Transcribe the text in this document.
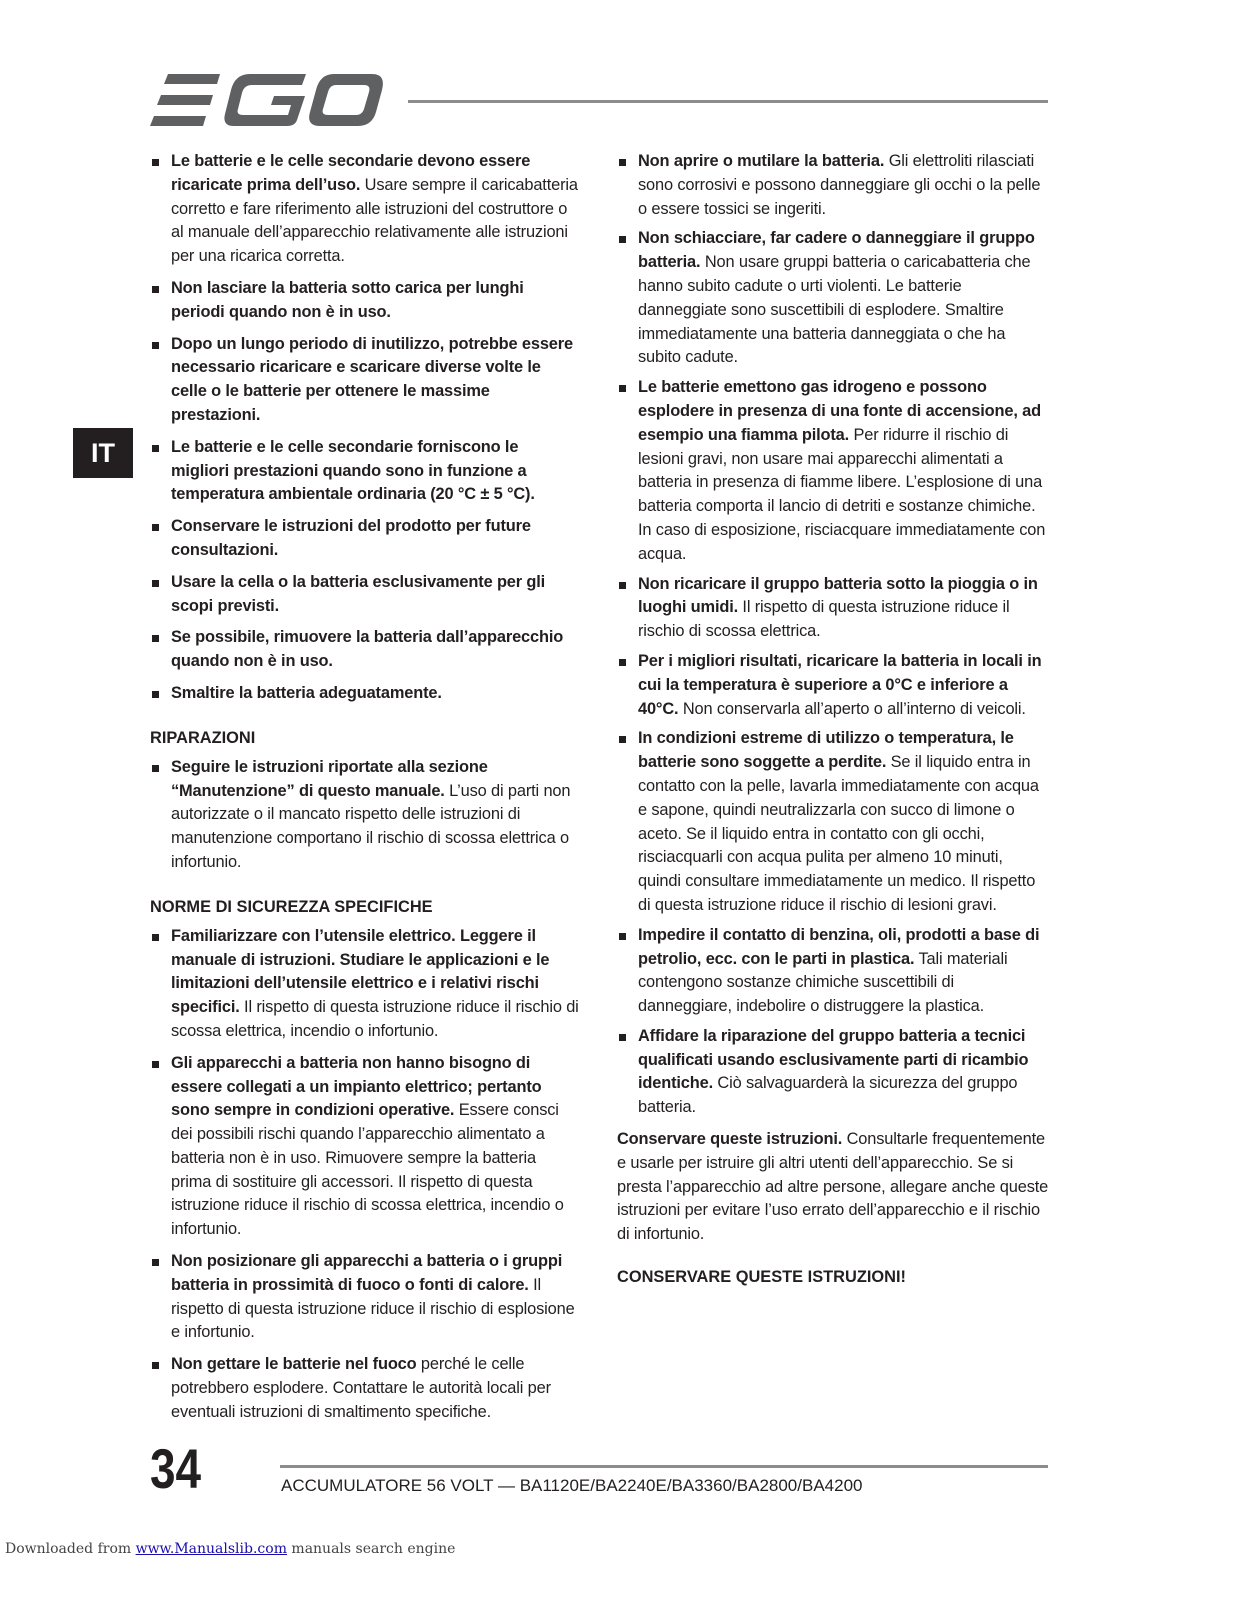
IT
Le batterie e le celle secondarie devono essere ricaricate prima dell’uso. Usare sempre il caricabatteria corretto e fare riferimento alle istruzioni del costruttore o al manuale dell’apparecchio relativamente alle istruzioni per una ricarica corretta.
Non lasciare la batteria sotto carica per lunghi periodi quando non è in uso.
Dopo un lungo periodo di inutilizzo, potrebbe essere necessario ricaricare e scaricare diverse volte le celle o le batterie per ottenere le massime prestazioni.
Le batterie e le celle secondarie forniscono le migliori prestazioni quando sono in funzione a temperatura ambientale ordinaria (20 °C ± 5 °C).
Conservare le istruzioni del prodotto per future consultazioni.
Usare la cella o la batteria esclusivamente per gli scopi previsti.
Se possibile, rimuovere la batteria dall’apparecchio quando non è in uso.
Smaltire la batteria adeguatamente.
RIPARAZIONI
Seguire le istruzioni riportate alla sezione “Manutenzione” di questo manuale. L’uso di parti non autorizzate o il mancato rispetto delle istruzioni di manutenzione comportano il rischio di scossa elettrica o infortunio.
NORME DI SICUREZZA SPECIFICHE
Familiarizzare con l’utensile elettrico. Leggere il manuale di istruzioni. Studiare le applicazioni e le limitazioni dell’utensile elettrico e i relativi rischi specifici. Il rispetto di questa istruzione riduce il rischio di scossa elettrica, incendio o infortunio.
Gli apparecchi a batteria non hanno bisogno di essere collegati a un impianto elettrico; pertanto sono sempre in condizioni operative. Essere consci dei possibili rischi quando l’apparecchio alimentato a batteria non è in uso. Rimuovere sempre la batteria prima di sostituire gli accessori. Il rispetto di questa istruzione riduce il rischio di scossa elettrica, incendio o infortunio.
Non posizionare gli apparecchi a batteria o i gruppi batteria in prossimità di fuoco o fonti di calore. Il rispetto di questa istruzione riduce il rischio di esplosione e infortunio.
Non gettare le batterie nel fuoco perché le celle potrebbero esplodere. Contattare le autorità locali per eventuali istruzioni di smaltimento specifiche.
Non aprire o mutilare la batteria. Gli elettroliti rilasciati sono corrosivi e possono danneggiare gli occhi o la pelle o essere tossici se ingeriti.
Non schiacciare, far cadere o danneggiare il gruppo batteria. Non usare gruppi batteria o caricabatteria che hanno subito cadute o urti violenti. Le batterie danneggiate sono suscettibili di esplodere. Smaltire immediatamente una batteria danneggiata o che ha subito cadute.
Le batterie emettono gas idrogeno e possono esplodere in presenza di una fonte di accensione, ad esempio una fiamma pilota. Per ridurre il rischio di lesioni gravi, non usare mai apparecchi alimentati a batteria in presenza di fiamme libere. L’esplosione di una batteria comporta il lancio di detriti e sostanze chimiche. In caso di esposizione, risciacquare immediatamente con acqua.
Non ricaricare il gruppo batteria sotto la pioggia o in luoghi umidi. Il rispetto di questa istruzione riduce il rischio di scossa elettrica.
Per i migliori risultati, ricaricare la batteria in locali in cui la temperatura è superiore a 0°C e inferiore a 40°C. Non conservarla all’aperto o all’interno di veicoli.
In condizioni estreme di utilizzo o temperatura, le batterie sono soggette a perdite. Se il liquido entra in contatto con la pelle, lavarla immediatamente con acqua e sapone, quindi neutralizzarla con succo di limone o aceto. Se il liquido entra in contatto con gli occhi, risciacquarli con acqua pulita per almeno 10 minuti, quindi consultare immediatamente un medico. Il rispetto di questa istruzione riduce il rischio di lesioni gravi.
Impedire il contatto di benzina, oli, prodotti a base di petrolio, ecc. con le parti in plastica. Tali materiali contengono sostanze chimiche suscettibili di danneggiare, indebolire o distruggere la plastica.
Affidare la riparazione del gruppo batteria a tecnici qualificati usando esclusivamente parti di ricambio identiche. Ciò salvaguarderà la sicurezza del gruppo batteria.
Conservare queste istruzioni. Consultarle frequentemente e usarle per istruire gli altri utenti dell’apparecchio. Se si presta l’apparecchio ad altre persone, allegare anche queste istruzioni per evitare l’uso errato dell’apparecchio e il rischio di infortunio.
CONSERVARE QUESTE ISTRUZIONI!
34	ACCUMULATORE 56 VOLT — BA1120E/BA2240E/BA3360/BA2800/BA4200
Downloaded from www.Manualslib.com manuals search engine
